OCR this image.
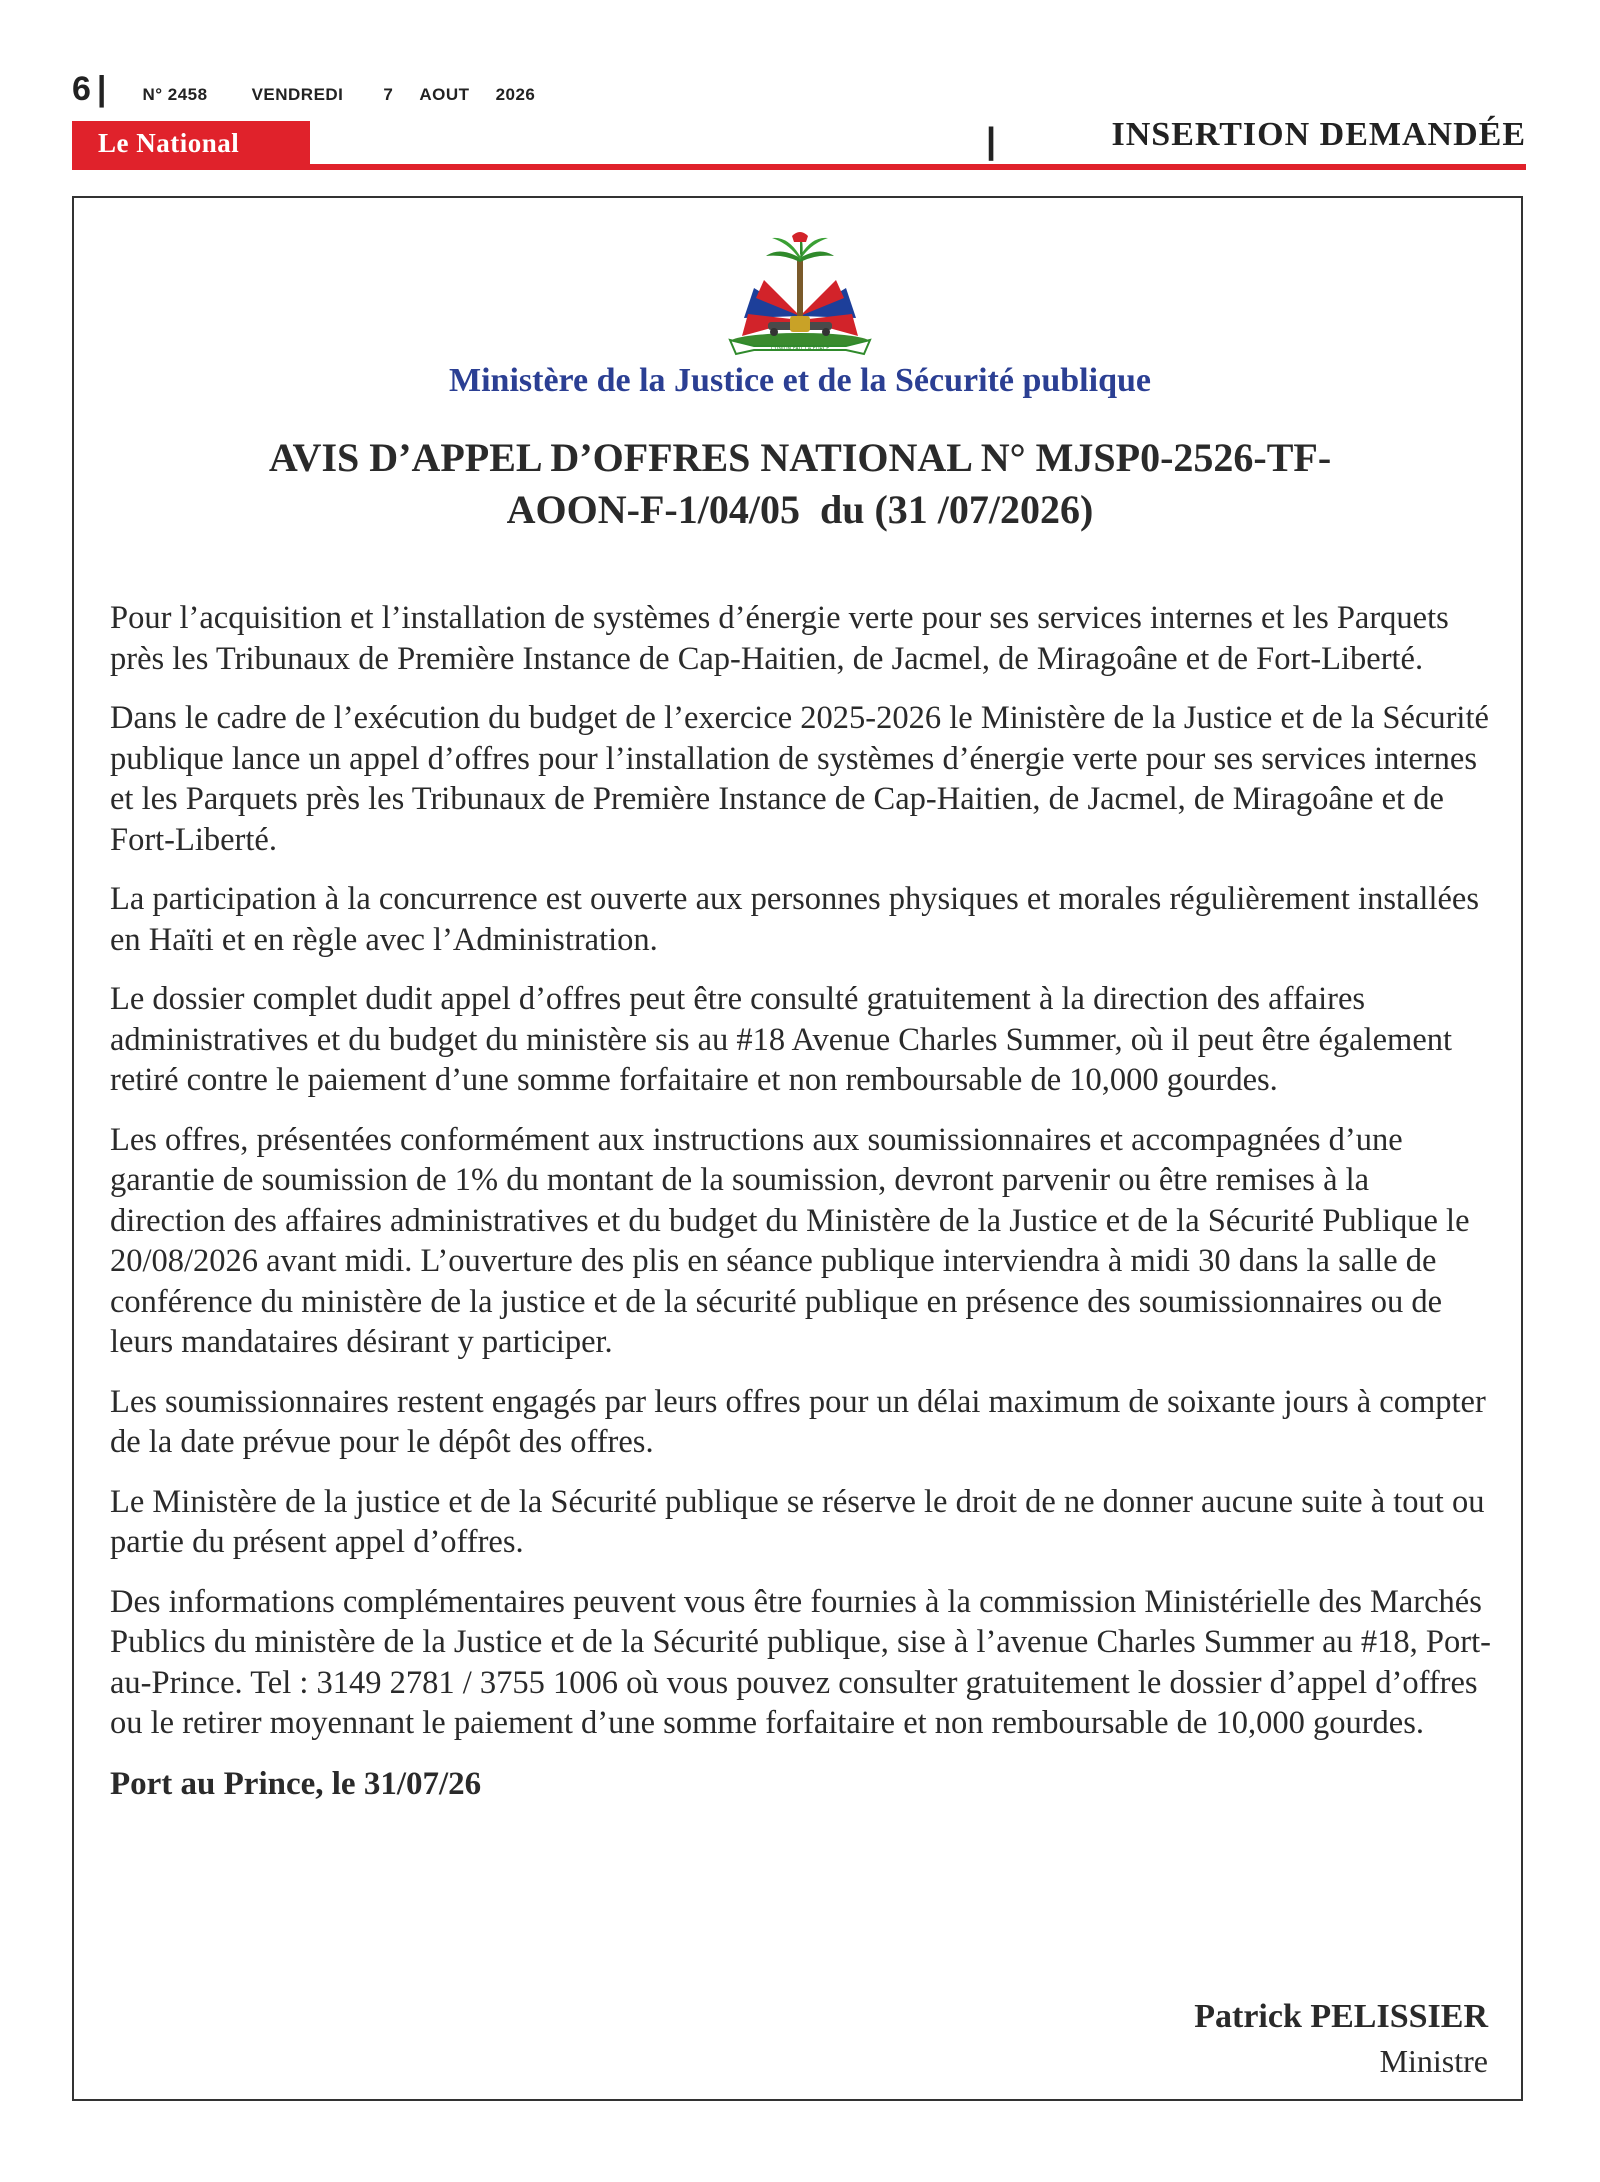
6 | N° 2458	VENDREDI 7 AOUT 2026
Le National	|	INSERTION DEMANDÉE
L'UNION FAIT LA FORCE
Ministère de la Justice et de la Sécurité publique
AVIS D’APPEL D’OFFRES NATIONAL N° MJSP0-2526-TF-
AOON-F-1/04/05  du (31 /07/2026)

Pour l’acquisition et l’installation de systèmes d’énergie verte pour ses services internes et les Parquets près les Tribunaux de Première Instance de Cap-Haitien, de Jacmel, de Miragoâne et de Fort-Liberté.

Dans le cadre de l’exécution du budget de l’exercice 2025-2026 le Ministère de la Justice et de la Sécurité publique lance un appel d’offres pour l’installation de systèmes d’énergie verte pour ses services internes et les Parquets près les Tribunaux de Première Instance de Cap-Haitien, de Jacmel, de Miragoâne et de Fort-Liberté.

La participation à la concurrence est ouverte aux personnes physiques et morales régulièrement installées en Haïti et en règle avec l’Administration.

Le dossier complet dudit appel d’offres peut être consulté gratuitement à la direction des affaires administratives et du budget du ministère sis au #18 Avenue Charles Summer, où il peut être également retiré contre le paiement d’une somme forfaitaire et non remboursable de 10,000 gourdes.

Les offres, présentées conformément aux instructions aux soumissionnaires et accompagnées d’une garantie de soumission de 1% du montant de la soumission, devront parvenir ou être remises à la direction des affaires administratives et du budget du Ministère de la Justice et de la Sécurité Publique le 20/08/2026 avant midi. L’ouverture des plis en séance publique interviendra à midi 30 dans la salle de conférence du ministère de la justice et de la sécurité publique en présence des soumissionnaires ou de leurs mandataires désirant y participer.

Les soumissionnaires restent engagés par leurs offres pour un délai maximum de soixante jours à compter de la date prévue pour le dépôt des offres.

Le Ministère de la justice et de la Sécurité publique se réserve le droit de ne donner aucune suite à tout ou partie du présent appel d’offres.

Des informations complémentaires peuvent vous être fournies à la commission Ministérielle des Marchés Publics du ministère de la Justice et de la Sécurité publique, sise à l’avenue Charles Summer au #18, Port-au-Prince. Tel : 3149 2781 / 3755 1006 où vous pouvez consulter gratuitement le dossier d’appel d’offres ou le retirer moyennant le paiement d’une somme forfaitaire et non remboursable de 10,000 gourdes.

Port au Prince, le 31/07/26
Patrick PELISSIER
Ministre
